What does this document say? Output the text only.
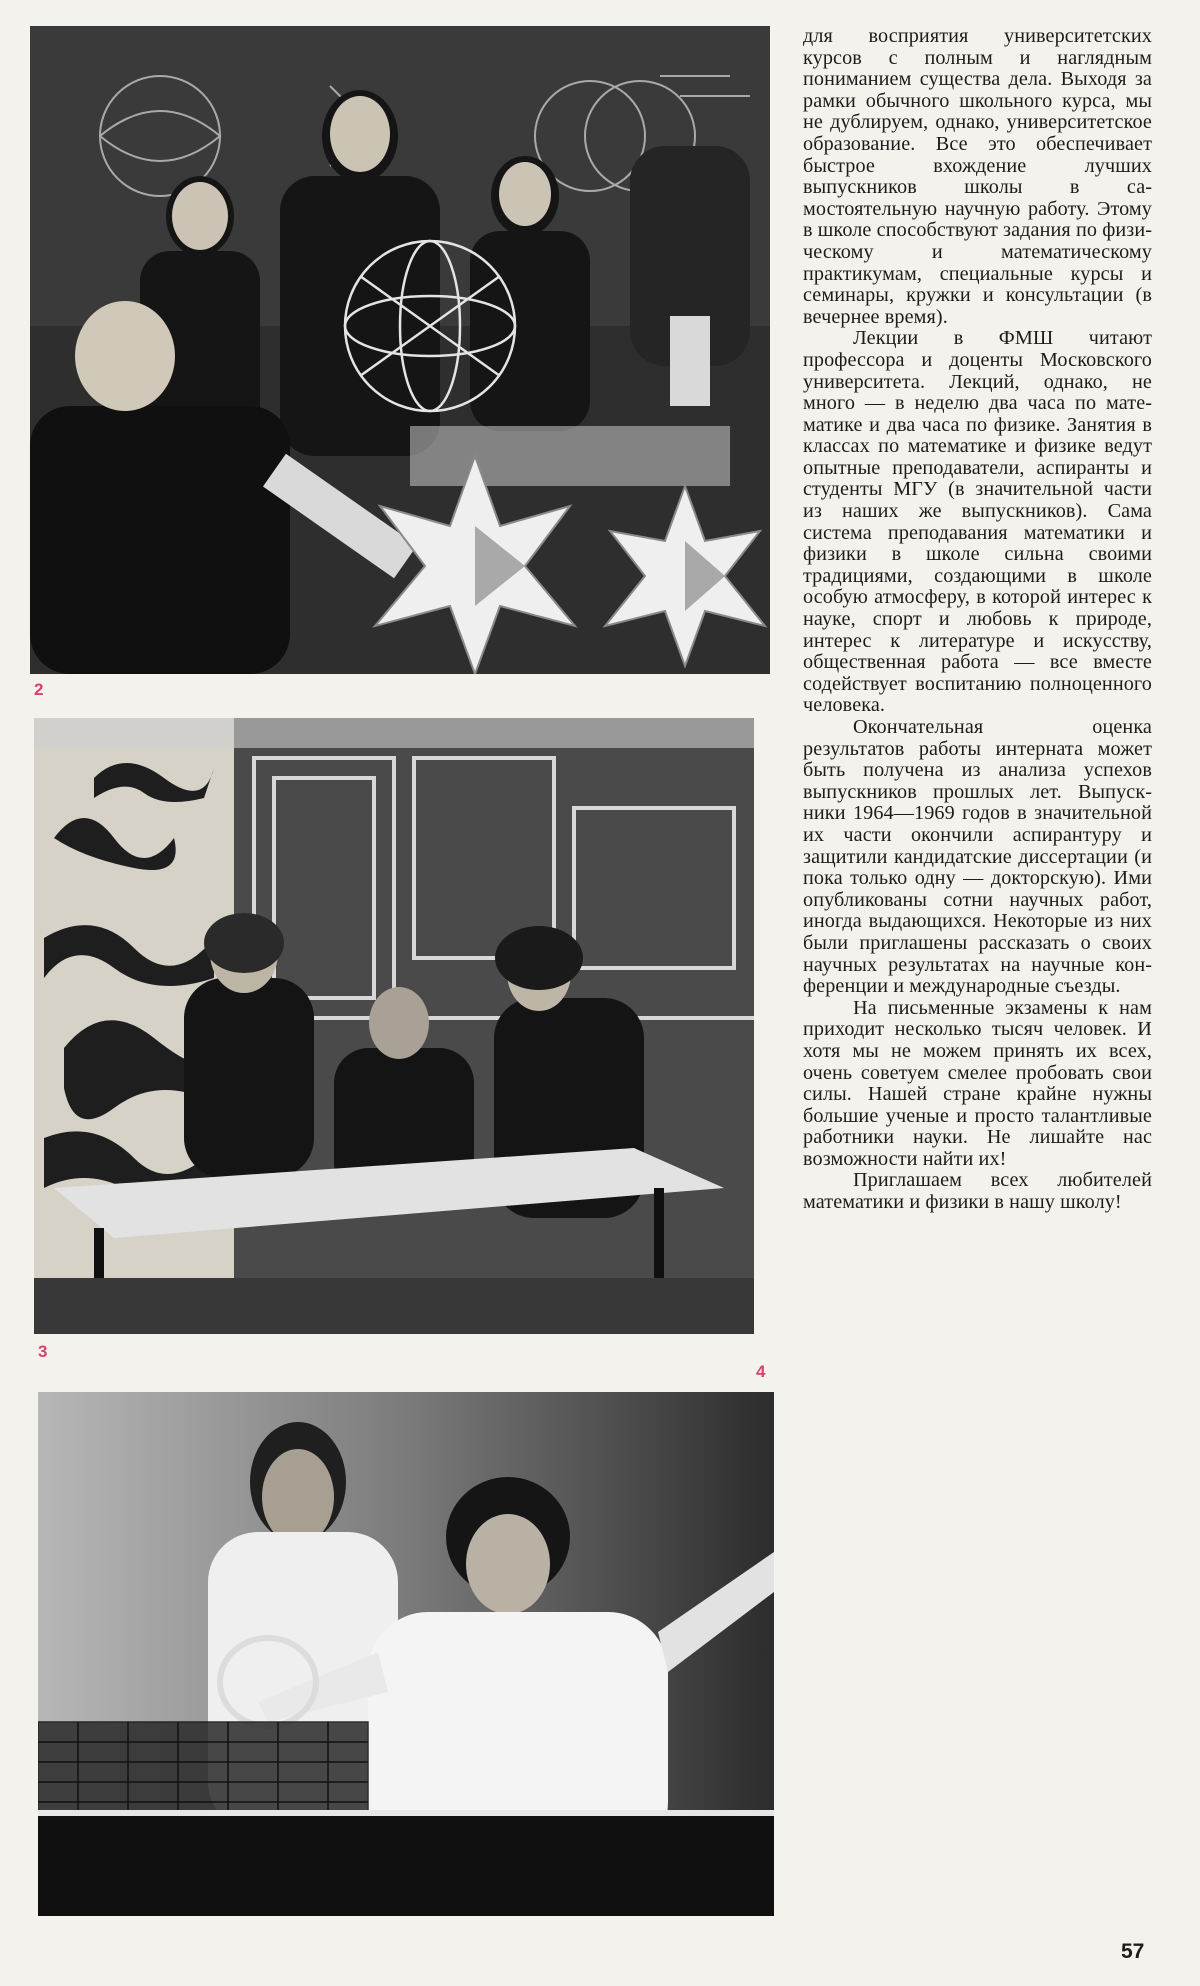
2
3
4

для восприятия университетских курсов с полным и наглядным пониманием существа дела. Выходя за рамки обычного школьного курса, мы не дублируем, однако, университетское образование. Все это обеспечивает быстрое вхождение лучших выпускников школы в самостоятельную научную работу. Этому в школе способствуют задания по физическому и математическому практикумам, специальные курсы и семинары, кружки и консультации (в вечернее время).

Лекции в ФМШ читают профессора и доценты Московского университета. Лекций, однако, не много — в неделю два часа по математике и два часа по физике. Занятия в классах по математике и физике ведут опытные преподаватели, аспиранты и студенты МГУ (в значительной части из наших же выпускников). Сама система преподавания математики и физики в школе сильна своими традициями, создающими в школе особую атмосферу, в которой интерес к науке, спорт и любовь к природе, интерес к литературе и искусству, общественная работа — все вместе содействует воспитанию полноценного человека.

Окончательная оценка результатов работы интерната может быть получена из анализа успехов выпускников прошлых лет. Выпускники 1964—1969 годов в значительной их части окончили аспирантуру и защитили кандидатские диссертации (и пока только одну — докторскую). Ими опубликованы сотни научных работ, иногда выдающихся. Некоторые из них были приглашены рассказать о своих научных результатах на научные конференции и международные съезды.

На письменные экзамены к нам приходит несколько тысяч человек. И хотя мы не можем принять их всех, очень советуем смелее пробовать свои силы. Нашей стране крайне нужны большие ученые и просто талантливые работники науки. Не лишайте нас возможности найти их!

Приглашаем всех любителей математики и физики в нашу школу!

57
